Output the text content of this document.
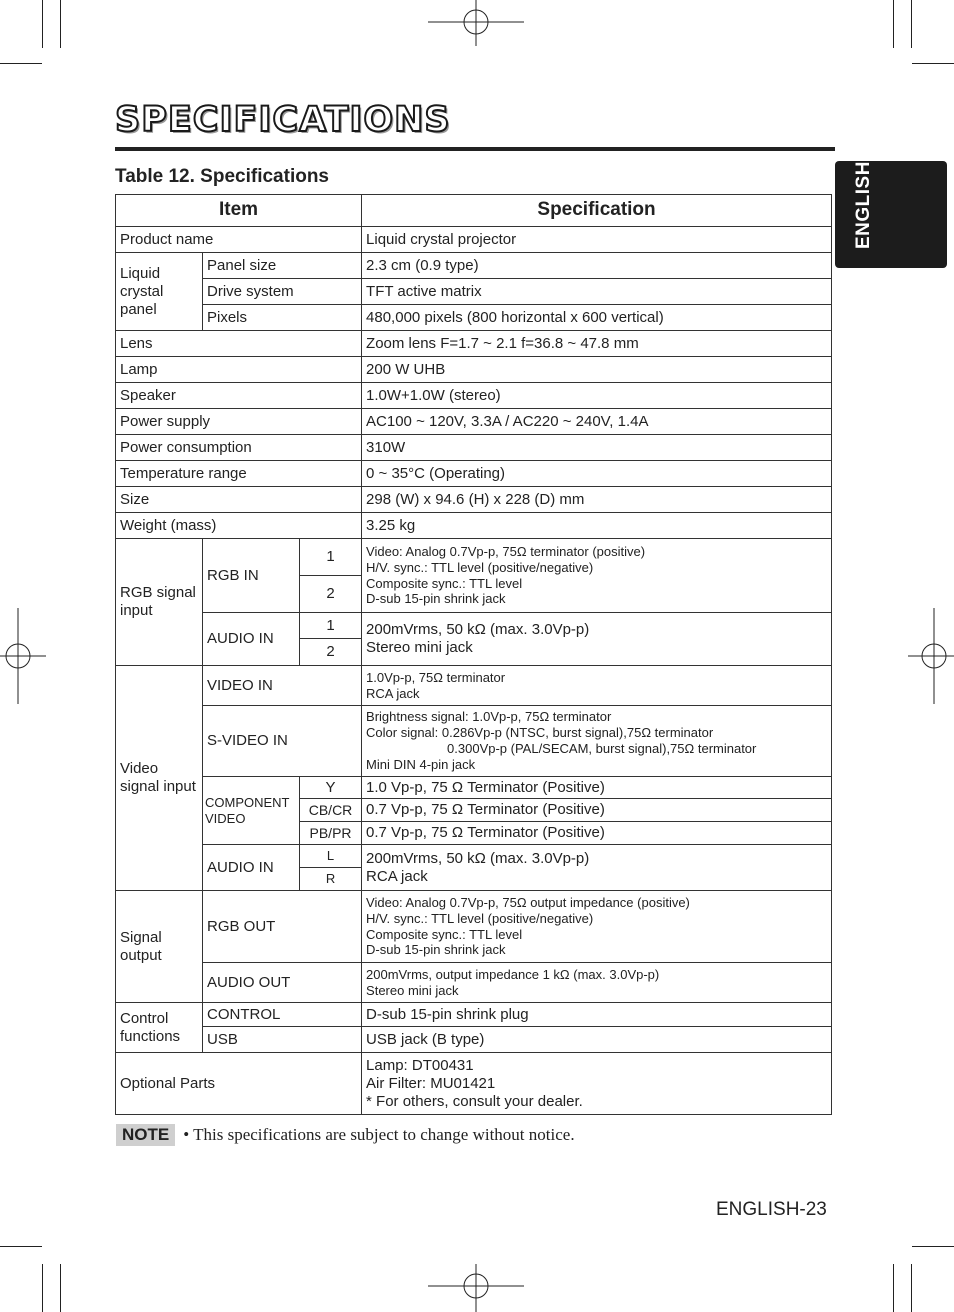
SPECIFICATIONS
Table 12. Specifications	ENGLISH
Item			Specification
Product name			Liquid crystal projector
Liquid crystal panel	Panel size		2.3 cm (0.9 type)
	Drive system		TFT active matrix
	Pixels		480,000 pixels (800 horizontal x 600 vertical)
Lens			Zoom lens F=1.7 ~ 2.1 f=36.8 ~ 47.8 mm
Lamp			200 W UHB
Speaker			1.0W+1.0W (stereo)
Power supply			AC100 ~ 120V, 3.3A / AC220 ~ 240V, 1.4A
Power consumption			310W
Temperature range			0 ~ 35°C (Operating)
Size			298 (W) x 94.6 (H) x 228 (D) mm
Weight (mass)			3.25 kg
RGB signal input	RGB IN	1	Video: Analog 0.7Vp-p, 75Ω terminator (positive)
H/V. sync.: TTL level (positive/negative)
Composite sync.: TTL level
D-sub 15-pin shrink jack

		2	
	AUDIO IN	1	200mVrms, 50 kΩ (max. 3.0Vp-p)
Stereo mini jack

		2	
Video signal input	VIDEO IN		1.0Vp-p, 75Ω terminator
RCA jack

	S-VIDEO IN		Brightness signal: 1.0Vp-p, 75Ω terminator
Color signal: 0.286Vp-p (NTSC, burst signal),75Ω terminator
0.300Vp-p (PAL/SECAM, burst signal),75Ω terminator
Mini DIN 4-pin jack

	COMPONENT VIDEO	Y	1.0 Vp-p, 75 Ω Terminator (Positive)
		CB/CR	0.7 Vp-p, 75 Ω Terminator (Positive)
		PB/PR	0.7 Vp-p, 75 Ω Terminator (Positive)
	AUDIO IN	L	200mVrms, 50 kΩ (max. 3.0Vp-p)
RCA jack

		R	
Signal output	RGB OUT		Video: Analog 0.7Vp-p, 75Ω output impedance (positive)
H/V. sync.: TTL level (positive/negative)
Composite sync.: TTL level
D-sub 15-pin shrink jack

	AUDIO OUT		200mVrms, output impedance 1 kΩ (max. 3.0Vp-p)
Stereo mini jack

Control functions	CONTROL		D-sub 15-pin shrink plug
	USB		USB jack (B type)
Optional Parts			Lamp: DT00431
Air Filter: MU01421
* For others, consult your dealer.
NOTE • This specifications are subject to change without notice.
ENGLISH-23
